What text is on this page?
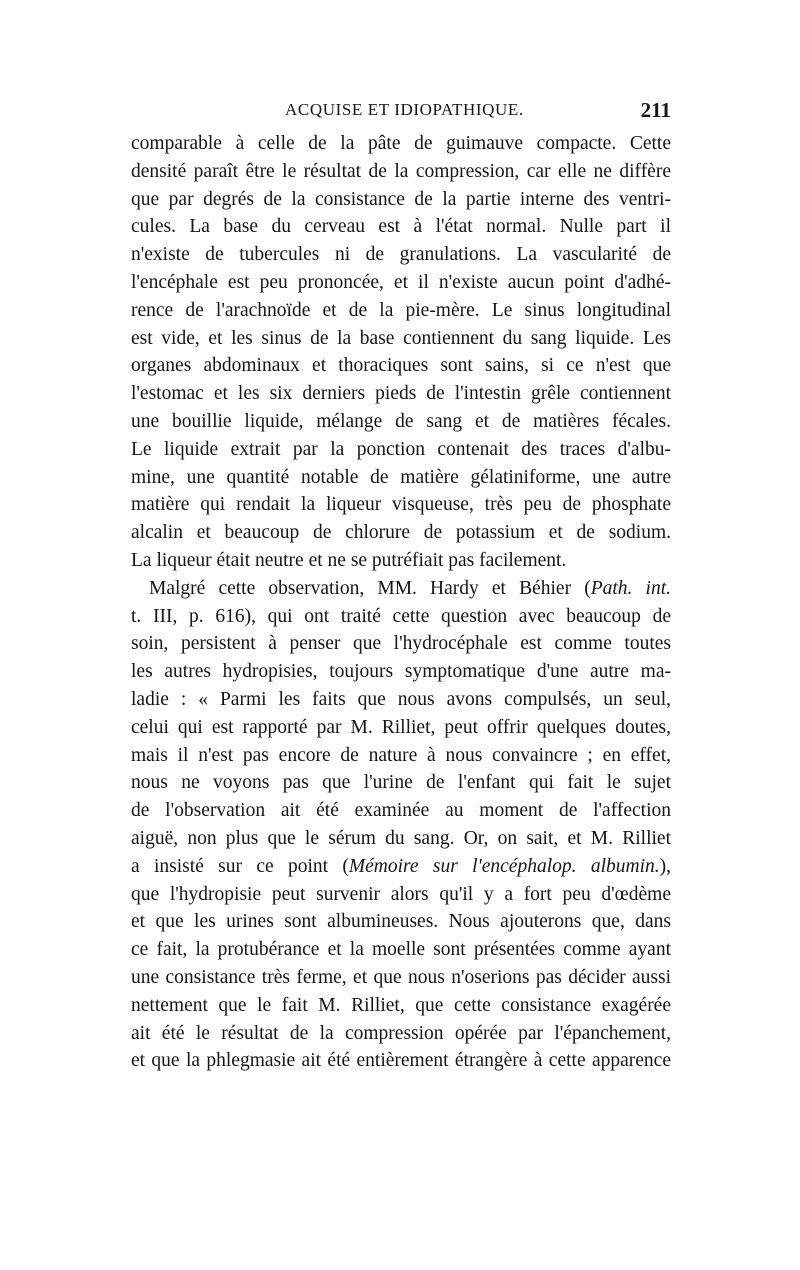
ACQUISE ET IDIOPATHIQUE.	211
comparable à celle de la pâte de guimauve compacte. Cette
densité paraît être le résultat de la compression, car elle ne diffère
que par degrés de la consistance de la partie interne des ventri-
cules. La base du cerveau est à l'état normal. Nulle part il
n'existe de tubercules ni de granulations. La vascularité de
l'encéphale est peu prononcée, et il n'existe aucun point d'adhé-
rence de l'arachnoïde et de la pie-mère. Le sinus longitudinal
est vide, et les sinus de la base contiennent du sang liquide. Les
organes abdominaux et thoraciques sont sains, si ce n'est que
l'estomac et les six derniers pieds de l'intestin grêle contiennent
une bouillie liquide, mélange de sang et de matières fécales.
Le liquide extrait par la ponction contenait des traces d'albu-
mine, une quantité notable de matière gélatiniforme, une autre
matière qui rendait la liqueur visqueuse, très peu de phosphate
alcalin et beaucoup de chlorure de potassium et de sodium.
La liqueur était neutre et ne se putréfiait pas facilement.
Malgré cette observation, MM. Hardy et Béhier (Path. int.
t. III, p. 616), qui ont traité cette question avec beaucoup de
soin, persistent à penser que l'hydrocéphale est comme toutes
les autres hydropisies, toujours symptomatique d'une autre ma-
ladie : « Parmi les faits que nous avons compulsés, un seul,
celui qui est rapporté par M. Rilliet, peut offrir quelques doutes,
mais il n'est pas encore de nature à nous convaincre ; en effet,
nous ne voyons pas que l'urine de l'enfant qui fait le sujet
de l'observation ait été examinée au moment de l'affection
aiguë, non plus que le sérum du sang. Or, on sait, et M. Rilliet
a insisté sur ce point (Mémoire sur l'encéphalop. albumin.),
que l'hydropisie peut survenir alors qu'il y a fort peu d'œdème
et que les urines sont albumineuses. Nous ajouterons que, dans
ce fait, la protubérance et la moelle sont présentées comme ayant
une consistance très ferme, et que nous n'oserions pas décider aussi
nettement que le fait M. Rilliet, que cette consistance exagérée
ait été le résultat de la compression opérée par l'épanchement,
et que la phlegmasie ait été entièrement étrangère à cette apparence
